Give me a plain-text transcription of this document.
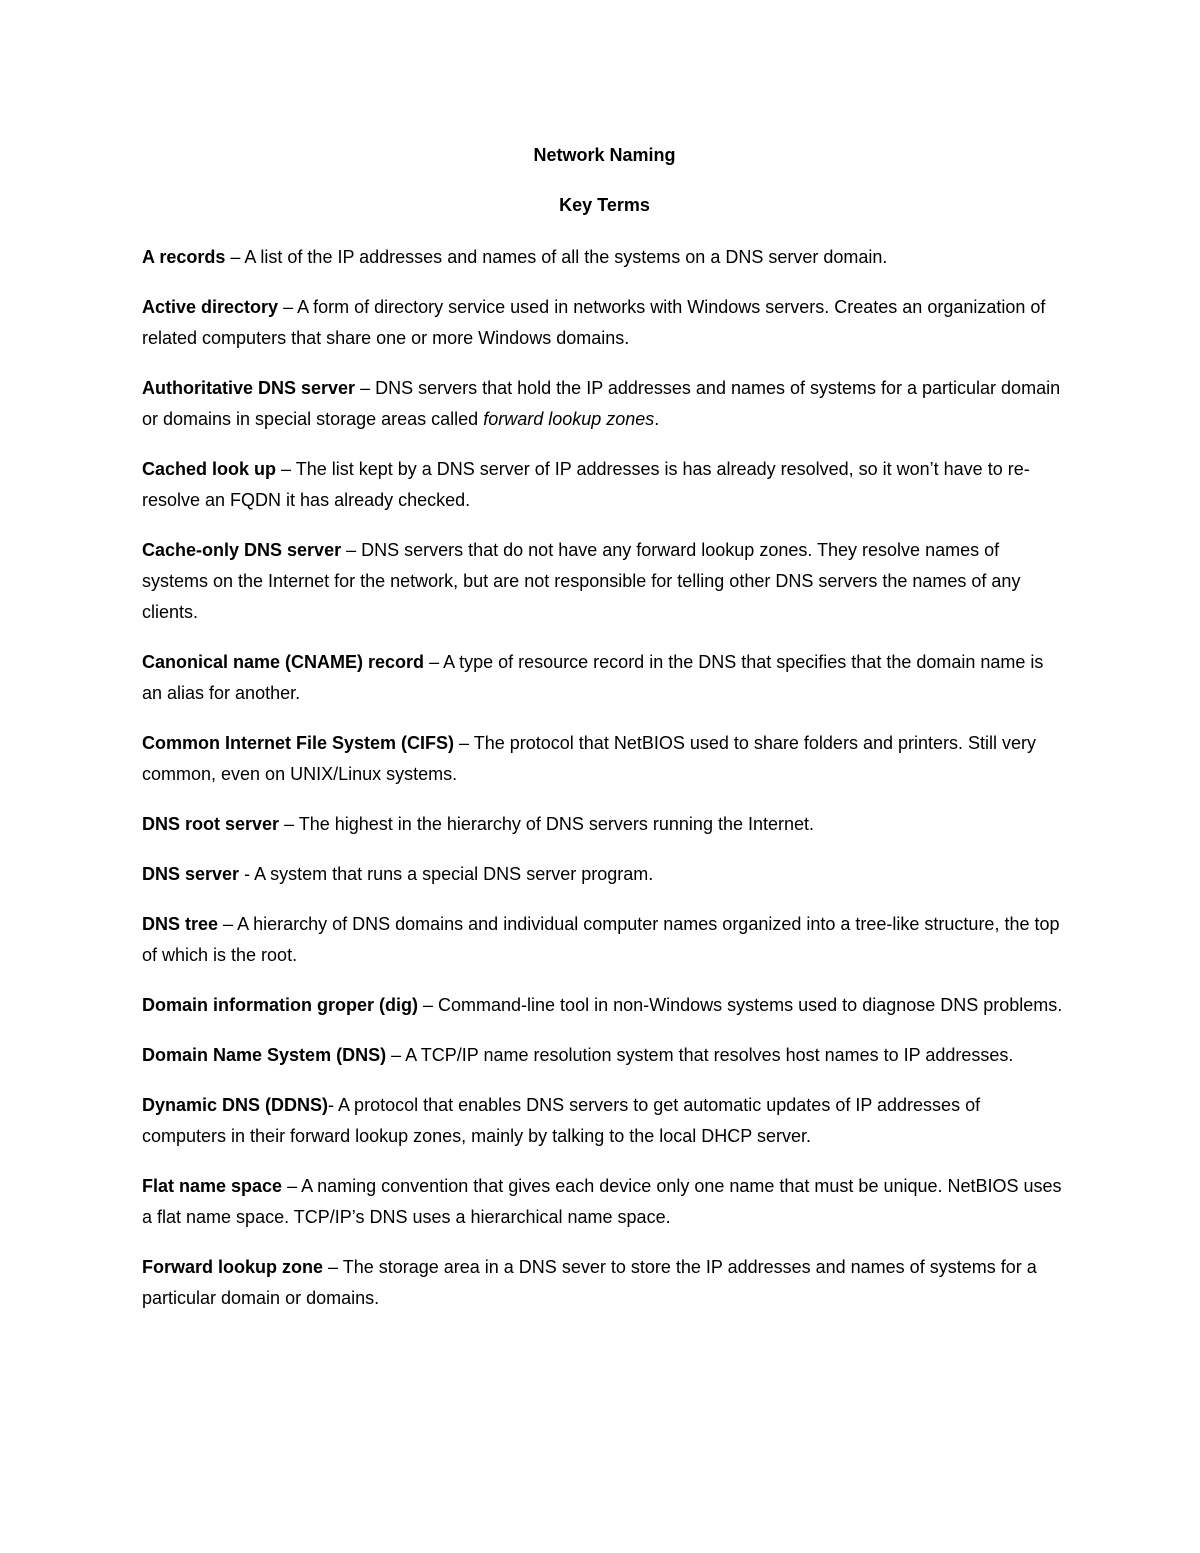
Network Naming
Key Terms

A records – A list of the IP addresses and names of all the systems on a DNS server domain.

Active directory – A form of directory service used in networks with Windows servers. Creates an organization of related computers that share one or more Windows domains.

Authoritative DNS server – DNS servers that hold the IP addresses and names of systems for a particular domain or domains in special storage areas called forward lookup zones.

Cached look up – The list kept by a DNS server of IP addresses is has already resolved, so it won’t have to re-resolve an FQDN it has already checked.

Cache-only DNS server – DNS servers that do not have any forward lookup zones. They resolve names of systems on the Internet for the network, but are not responsible for telling other DNS servers the names of any clients.

Canonical name (CNAME) record – A type of resource record in the DNS that specifies that the domain name is an alias for another.

Common Internet File System (CIFS) – The protocol that NetBIOS used to share folders and printers. Still very common, even on UNIX/Linux systems.

DNS root server – The highest in the hierarchy of DNS servers running the Internet.

DNS server - A system that runs a special DNS server program.

DNS tree – A hierarchy of DNS domains and individual computer names organized into a tree-like structure, the top of which is the root.

Domain information groper (dig) – Command-line tool in non-Windows systems used to diagnose DNS problems.

Domain Name System (DNS) – A TCP/IP name resolution system that resolves host names to IP addresses.

Dynamic DNS (DDNS)- A protocol that enables DNS servers to get automatic updates of IP addresses of computers in their forward lookup zones, mainly by talking to the local DHCP server.

Flat name space – A naming convention that gives each device only one name that must be unique. NetBIOS uses a flat name space. TCP/IP’s DNS uses a hierarchical name space.

Forward lookup zone – The storage area in a DNS sever to store the IP addresses and names of systems for a particular domain or domains.
